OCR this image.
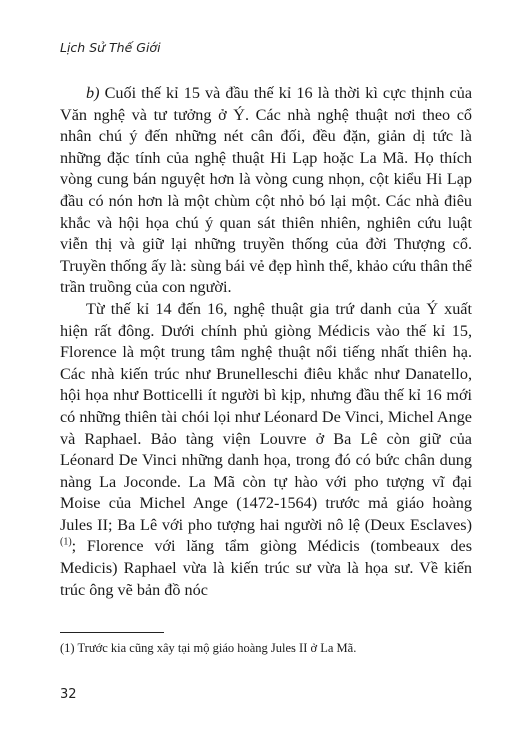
Lịch Sử Thế Giới

b) Cuối thế kỉ 15 và đầu thế kỉ 16 là thời kì cực thịnh của Văn nghệ và tư tưởng ở Ý. Các nhà nghệ thuật nơi theo cổ nhân chú ý đến những nét cân đối, đều đặn, giản dị tức là những đặc tính của nghệ thuật Hi Lạp hoặc La Mã. Họ thích vòng cung bán nguyệt hơn là vòng cung nhọn, cột kiểu Hi Lạp đầu có nón hơn là một chùm cột nhỏ bó lại một. Các nhà điêu khắc và hội họa chú ý quan sát thiên nhiên, nghiên cứu luật viễn thị và giữ lại những truyền thống của đời Thượng cổ. Truyền thống ấy là: sùng bái vẻ đẹp hình thể, khảo cứu thân thể trần truồng của con người.

Từ thế kỉ 14 đến 16, nghệ thuật gia trứ danh của Ý xuất hiện rất đông. Dưới chính phủ giòng Médicis vào thế kỉ 15, Florence là một trung tâm nghệ thuật nổi tiếng nhất thiên hạ. Các nhà kiến trúc như Brunelleschi điêu khắc như Danatello, hội họa như Botticelli ít người bì kịp, nhưng đầu thế kỉ 16 mới có những thiên tài chói lọi như Léonard De Vinci, Michel Ange và Raphael. Bảo tàng viện Louvre ở Ba Lê còn giữ của Léonard De Vinci những danh họa, trong đó có bức chân dung nàng La Joconde. La Mã còn tự hào với pho tượng vĩ đại Moise của Michel Ange (1472-1564) trước mả giáo hoàng Jules II; Ba Lê với pho tượng hai người nô lệ (Deux Esclaves)$^{(1)}$; Florence với lăng tẩm giòng Médicis (tombeaux des Medicis) Raphael vừa là kiến trúc sư vừa là họa sư. Về kiến trúc ông vẽ bản đồ nóc

(1) Trước kia cũng xây tại mộ giáo hoàng Jules II ở La Mã.
32
